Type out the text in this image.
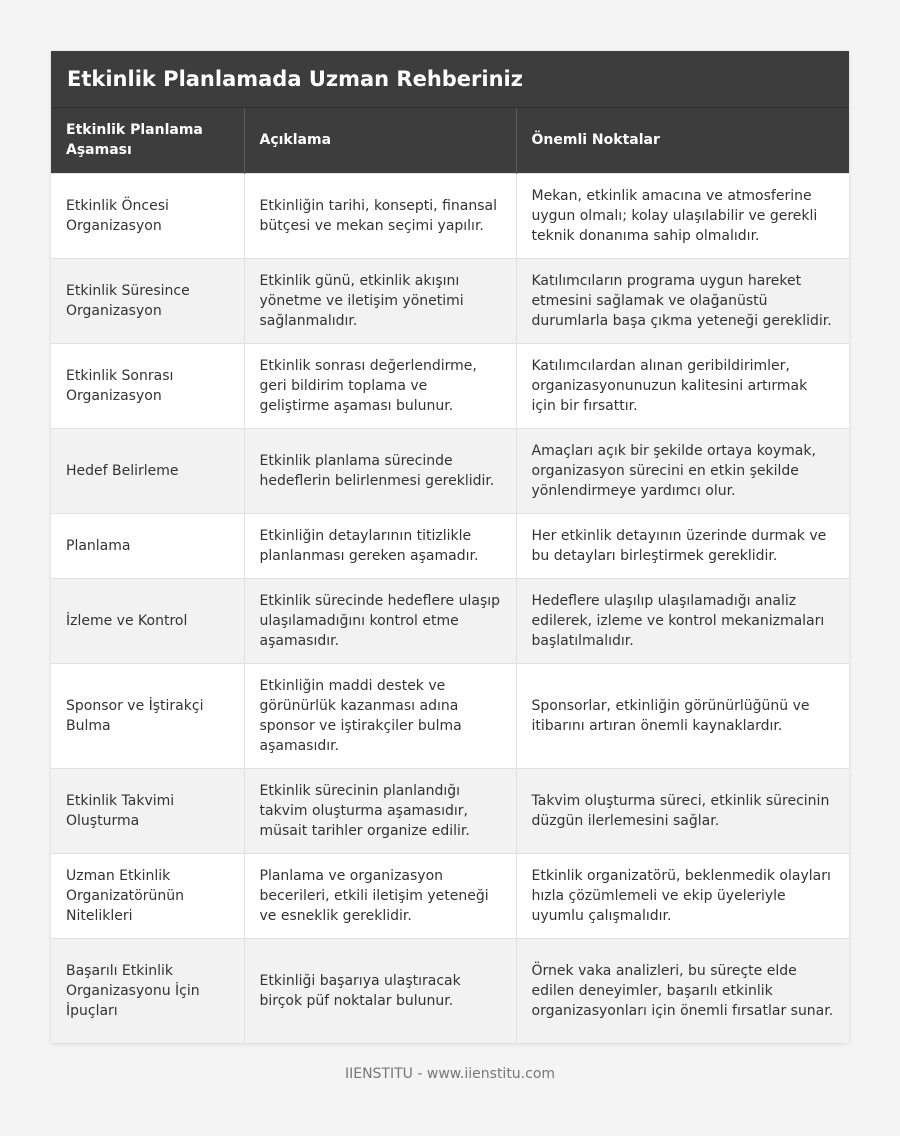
Etkinlik Planlamada Uzman Rehberiniz
Etkinlik Planlama Aşaması	Açıklama	Önemli Noktalar
Etkinlik Öncesi Organizasyon	Etkinliğin tarihi, konsepti, finansal bütçesi ve mekan seçimi yapılır.	Mekan, etkinlik amacına ve atmosferine uygun olmalı; kolay ulaşılabilir ve gerekli teknik donanıma sahip olmalıdır.
Etkinlik Süresince Organizasyon	Etkinlik günü, etkinlik akışını yönetme ve iletişim yönetimi sağlanmalıdır.	Katılımcıların programa uygun hareket etmesini sağlamak ve olağanüstü durumlarla başa çıkma yeteneği gereklidir.
Etkinlik Sonrası Organizasyon	Etkinlik sonrası değerlendirme, geri bildirim toplama ve geliştirme aşaması bulunur.	Katılımcılardan alınan geribildirimler, organizasyonunuzun kalitesini artırmak için bir fırsattır.
Hedef Belirleme	Etkinlik planlama sürecinde hedeflerin belirlenmesi gereklidir.	Amaçları açık bir şekilde ortaya koymak, organizasyon sürecini en etkin şekilde yönlendirmeye yardımcı olur.
Planlama	Etkinliğin detaylarının titizlikle planlanması gereken aşamadır.	Her etkinlik detayının üzerinde durmak ve bu detayları birleştirmek gereklidir.
İzleme ve Kontrol	Etkinlik sürecinde hedeflere ulaşıp ulaşılamadığını kontrol etme aşamasıdır.	Hedeflere ulaşılıp ulaşılamadığı analiz edilerek, izleme ve kontrol mekanizmaları başlatılmalıdır.
Sponsor ve İştirakçi Bulma	Etkinliğin maddi destek ve görünürlük kazanması adına sponsor ve iştirakçiler bulma aşamasıdır.	Sponsorlar, etkinliğin görünürlüğünü ve itibarını artıran önemli kaynaklardır.
Etkinlik Takvimi Oluşturma	Etkinlik sürecinin planlandığı takvim oluşturma aşamasıdır, müsait tarihler organize edilir.	Takvim oluşturma süreci, etkinlik sürecinin düzgün ilerlemesini sağlar.
Uzman Etkinlik Organizatörünün Nitelikleri	Planlama ve organizasyon becerileri, etkili iletişim yeteneği ve esneklik gereklidir.	Etkinlik organizatörü, beklenmedik olayları hızla çözümlemeli ve ekip üyeleriyle uyumlu çalışmalıdır.
Başarılı Etkinlik Organizasyonu İçin İpuçları	Etkinliği başarıya ulaştıracak birçok püf noktalar bulunur.	Örnek vaka analizleri, bu süreçte elde edilen deneyimler, başarılı etkinlik organizasyonları için önemli fırsatlar sunar.
IIENSTITU - www.iienstitu.com
